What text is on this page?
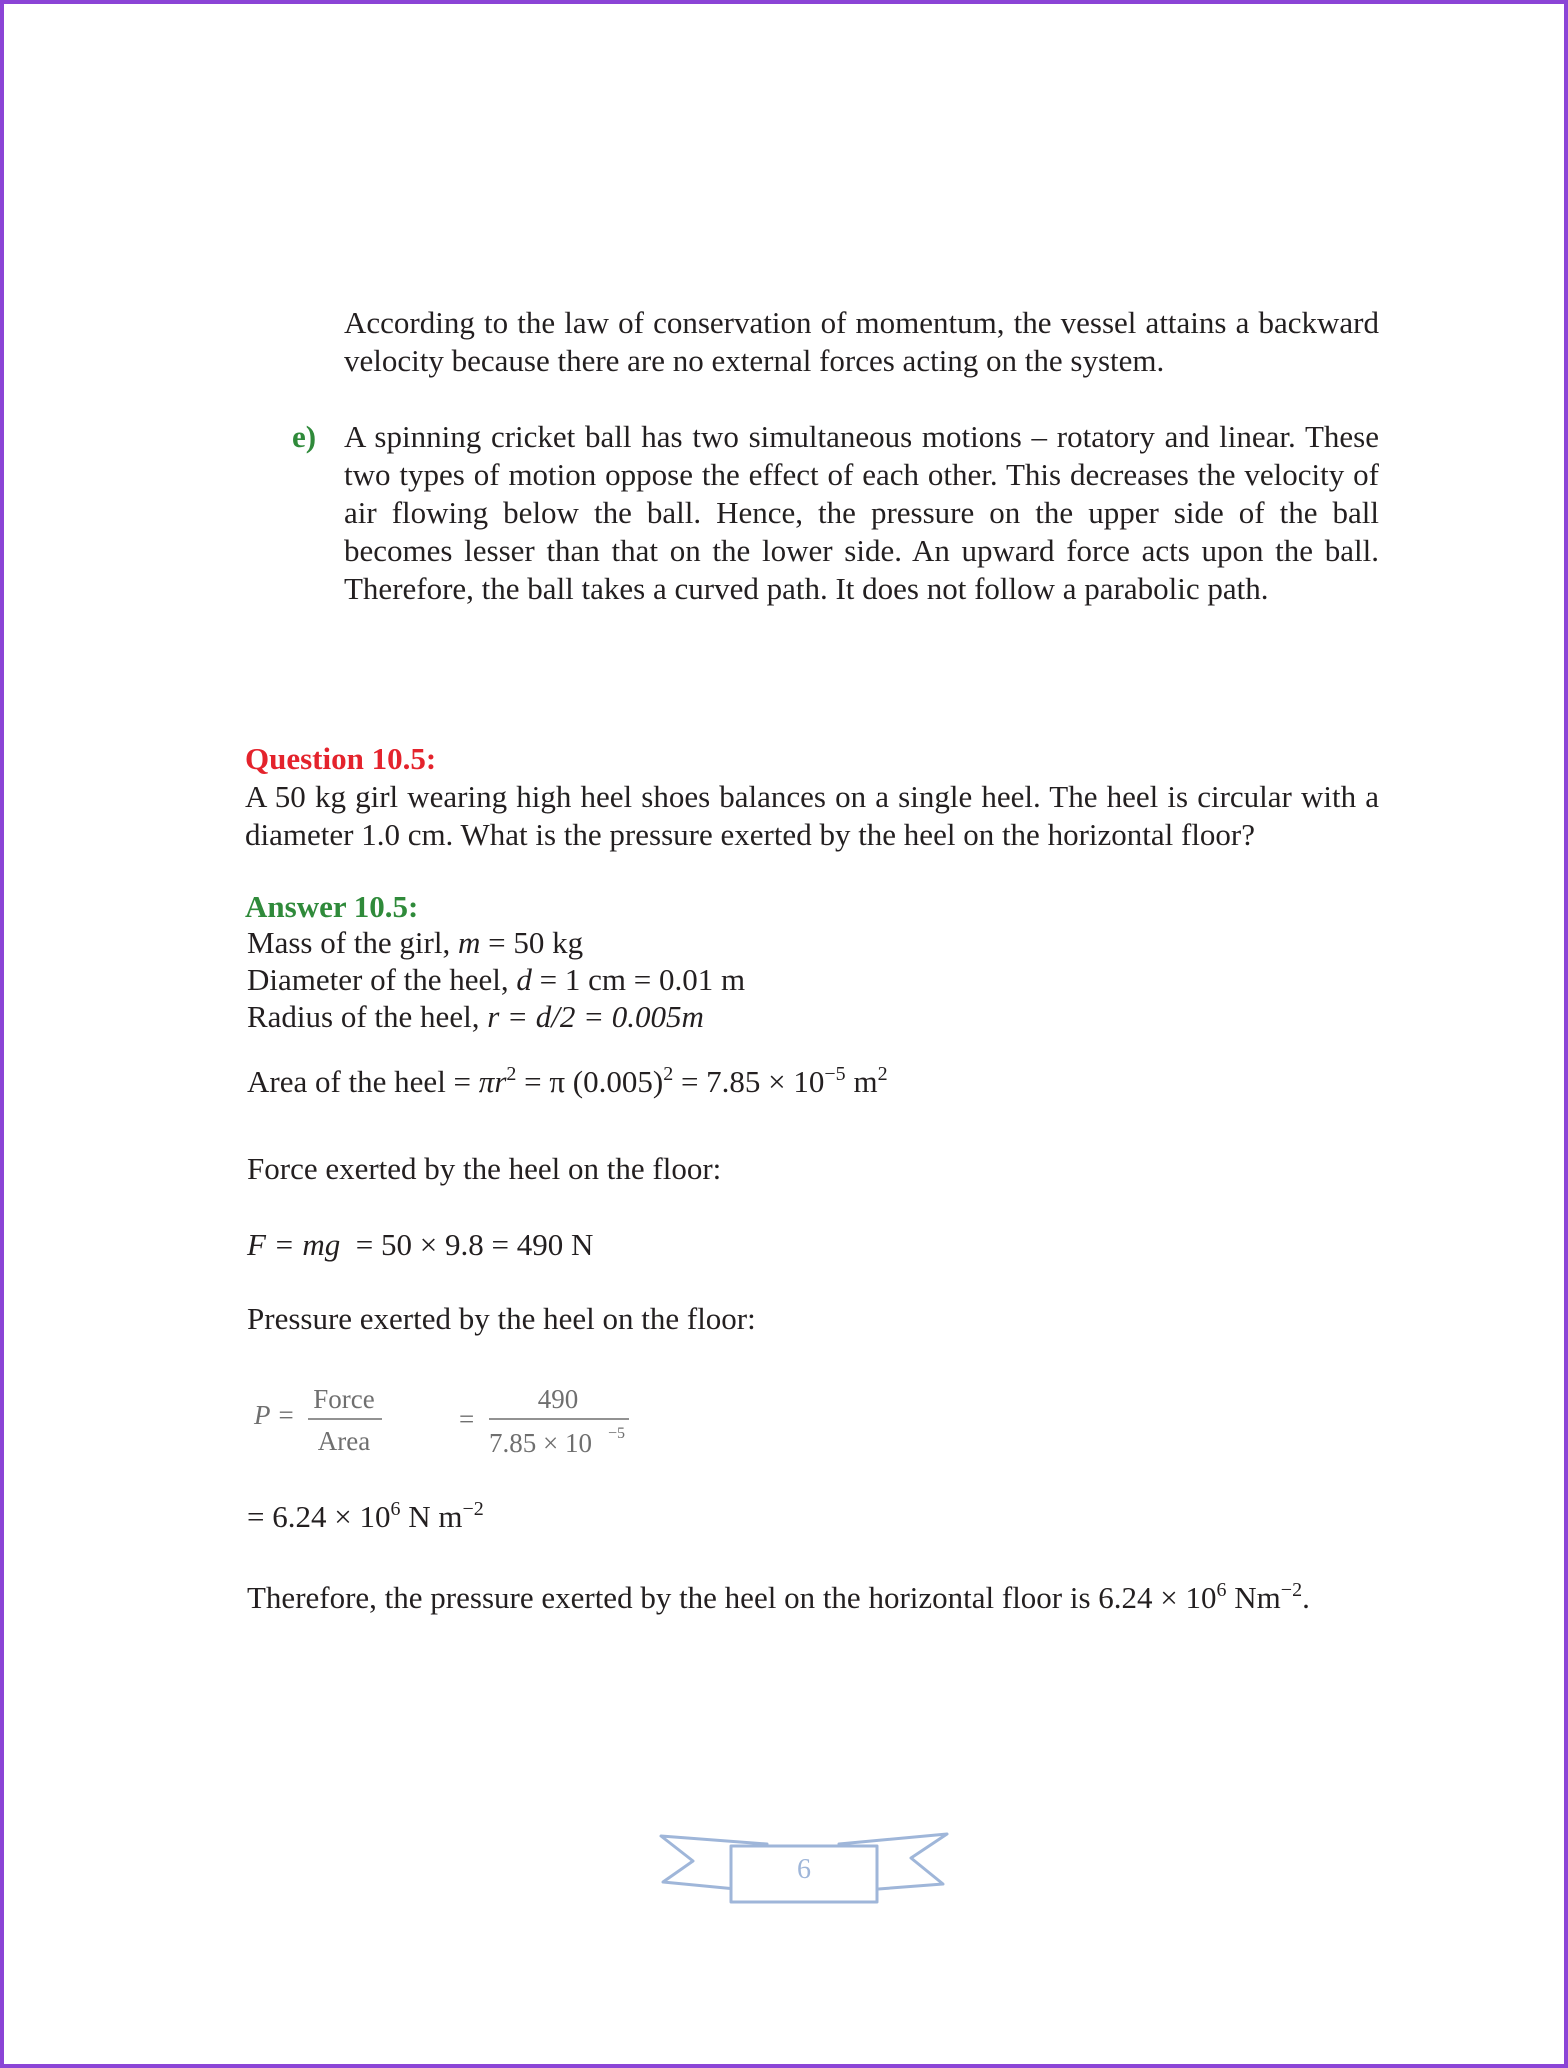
According to the law of conservation of momentum, the vessel attains a backward velocity because there are no external forces acting on the system.
e) A spinning cricket ball has two simultaneous motions – rotatory and linear. These two types of motion oppose the effect of each other. This decreases the velocity of air flowing below the ball. Hence, the pressure on the upper side of the ball becomes lesser than that on the lower side. An upward force acts upon the ball. Therefore, the ball takes a curved path. It does not follow a parabolic path.
Question 10.5:
A 50 kg girl wearing high heel shoes balances on a single heel. The heel is circular with a diameter 1.0 cm. What is the pressure exerted by the heel on the horizontal floor?
Answer 10.5:
Mass of the girl, m = 50 kg
Diameter of the heel, d = 1 cm = 0.01 m
Radius of the heel, r = d/2 = 0.005m
Area of the heel = $\pi r^2 = \pi$ $(0.005)^2 = 7.85 \times 10^{-5}$ $m^2$
Force exerted by the heel on the floor:
F = mg  = 50 × 9.8 = 490 N
Pressure exerted by the heel on the floor:
P =
Force
Area
=
490
7.85 × 10 −5
= $6.24 \times 10^6$ N $m^{-2}$
Therefore, the pressure exerted by the heel on the horizontal floor is $6.24 \times 10^6$ $Nm^{-2}$.
6
